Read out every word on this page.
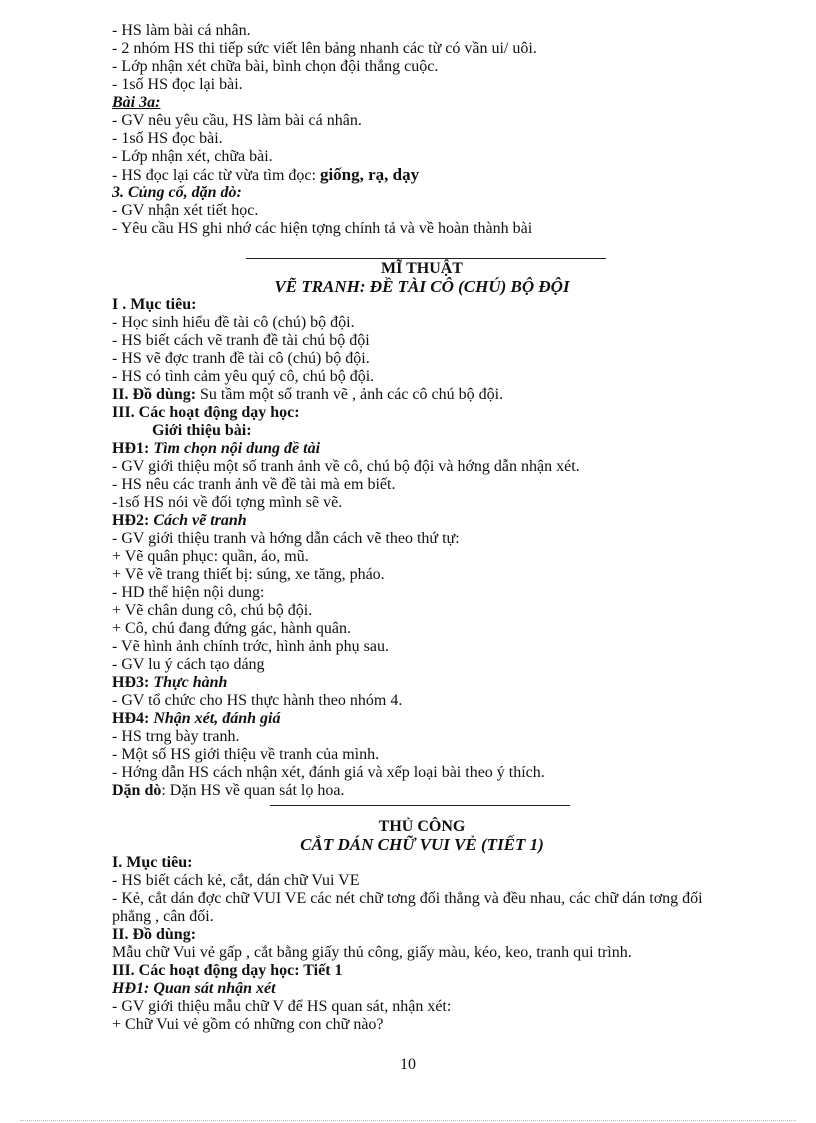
- HS làm bài cá nhân.
- 2 nhóm HS thi tiếp sức viết lên bảng nhanh các từ có vần ui/ uôi.
- Lớp nhận xét chữa bài, bình chọn đội thắng cuộc.
- 1số HS đọc lại bài.
Bài 3a:
- GV nêu yêu cầu, HS làm bài cá nhân.
- 1số HS đọc bài.
- Lớp nhận xét, chữa bài.
- HS đọc lại các từ vừa tìm đọc: giống, rạ, dạy
3. Củng cố, dặn dò:
- GV nhận xét tiết học.
- Yêu cầu HS ghi nhớ các hiện tợng chính tả và về hoàn thành bài
MĨ THUẬT
VẼ TRANH: ĐỀ TÀI CÔ (CHÚ) BỘ ĐỘI
I . Mục tiêu:
- Học sinh hiểu đề tài cô (chú) bộ đội.
- HS biết cách vẽ tranh đề tài chú bộ đội
- HS vẽ đợc tranh đề tài cô (chú) bộ đội.
- HS có tình cảm yêu quý cô, chú bộ đội.
II. Đồ dùng: Su tầm một số tranh vẽ , ảnh các cô chú bộ đội.
III. Các hoạt động dạy học:
Giới thiệu bài:
HĐ1: Tìm chọn nội dung đề tài
- GV giới thiệu một số tranh ảnh về cô, chú bộ đội và hớng dẫn nhận xét.
- HS nêu các tranh ảnh về đề tài mà em biết.
-1số HS nói về đối tợng mình sẽ vẽ.
HĐ2: Cách vẽ tranh
- GV giới thiệu tranh và hớng dẫn cách vẽ theo thứ tự:
+ Vẽ quân phục: quần, áo, mũ.
+ Vẽ về trang thiết bị: súng, xe tăng, pháo.
- HD thể hiện nội dung:
+ Vẽ chân dung cô, chú bộ đội.
+ Cô, chú đang đứng gác, hành quân.
- Vẽ hình ảnh chính trớc, hình ảnh phụ sau.
- GV lu ý cách tạo dáng
HĐ3: Thực hành
- GV tổ chức cho HS thực hành theo nhóm 4.
HĐ4: Nhận xét, đánh giá
- HS trng bày tranh.
- Một số HS giới thiệu về tranh của mình.
- Hớng dẫn HS cách nhận xét, đánh giá và xếp loại bài theo ý thích.
Dặn dò: Dặn HS về quan sát lọ hoa.
THỦ CÔNG
CẮT DÁN CHỮ VUI VẺ (TIẾT 1)
I. Mục tiêu:
- HS biết cách kẻ, cắt, dán chữ Vui VE
- Kẻ, cắt dán đợc chữ VUI VE các nét chữ tơng đối thẳng và đều nhau, các chữ dán tơng đối phẳng , cân đối.
II. Đồ dùng:
Mẫu chữ Vui vẻ gấp , cắt bằng giấy thủ công, giấy màu, kéo, keo, tranh qui trình.
III. Các hoạt động dạy học: Tiết 1
HĐ1: Quan sát nhận xét
- GV giới thiệu mẫu chữ V để HS quan sát, nhận xét:
+ Chữ Vui vẻ gồm có những con chữ nào?
10
